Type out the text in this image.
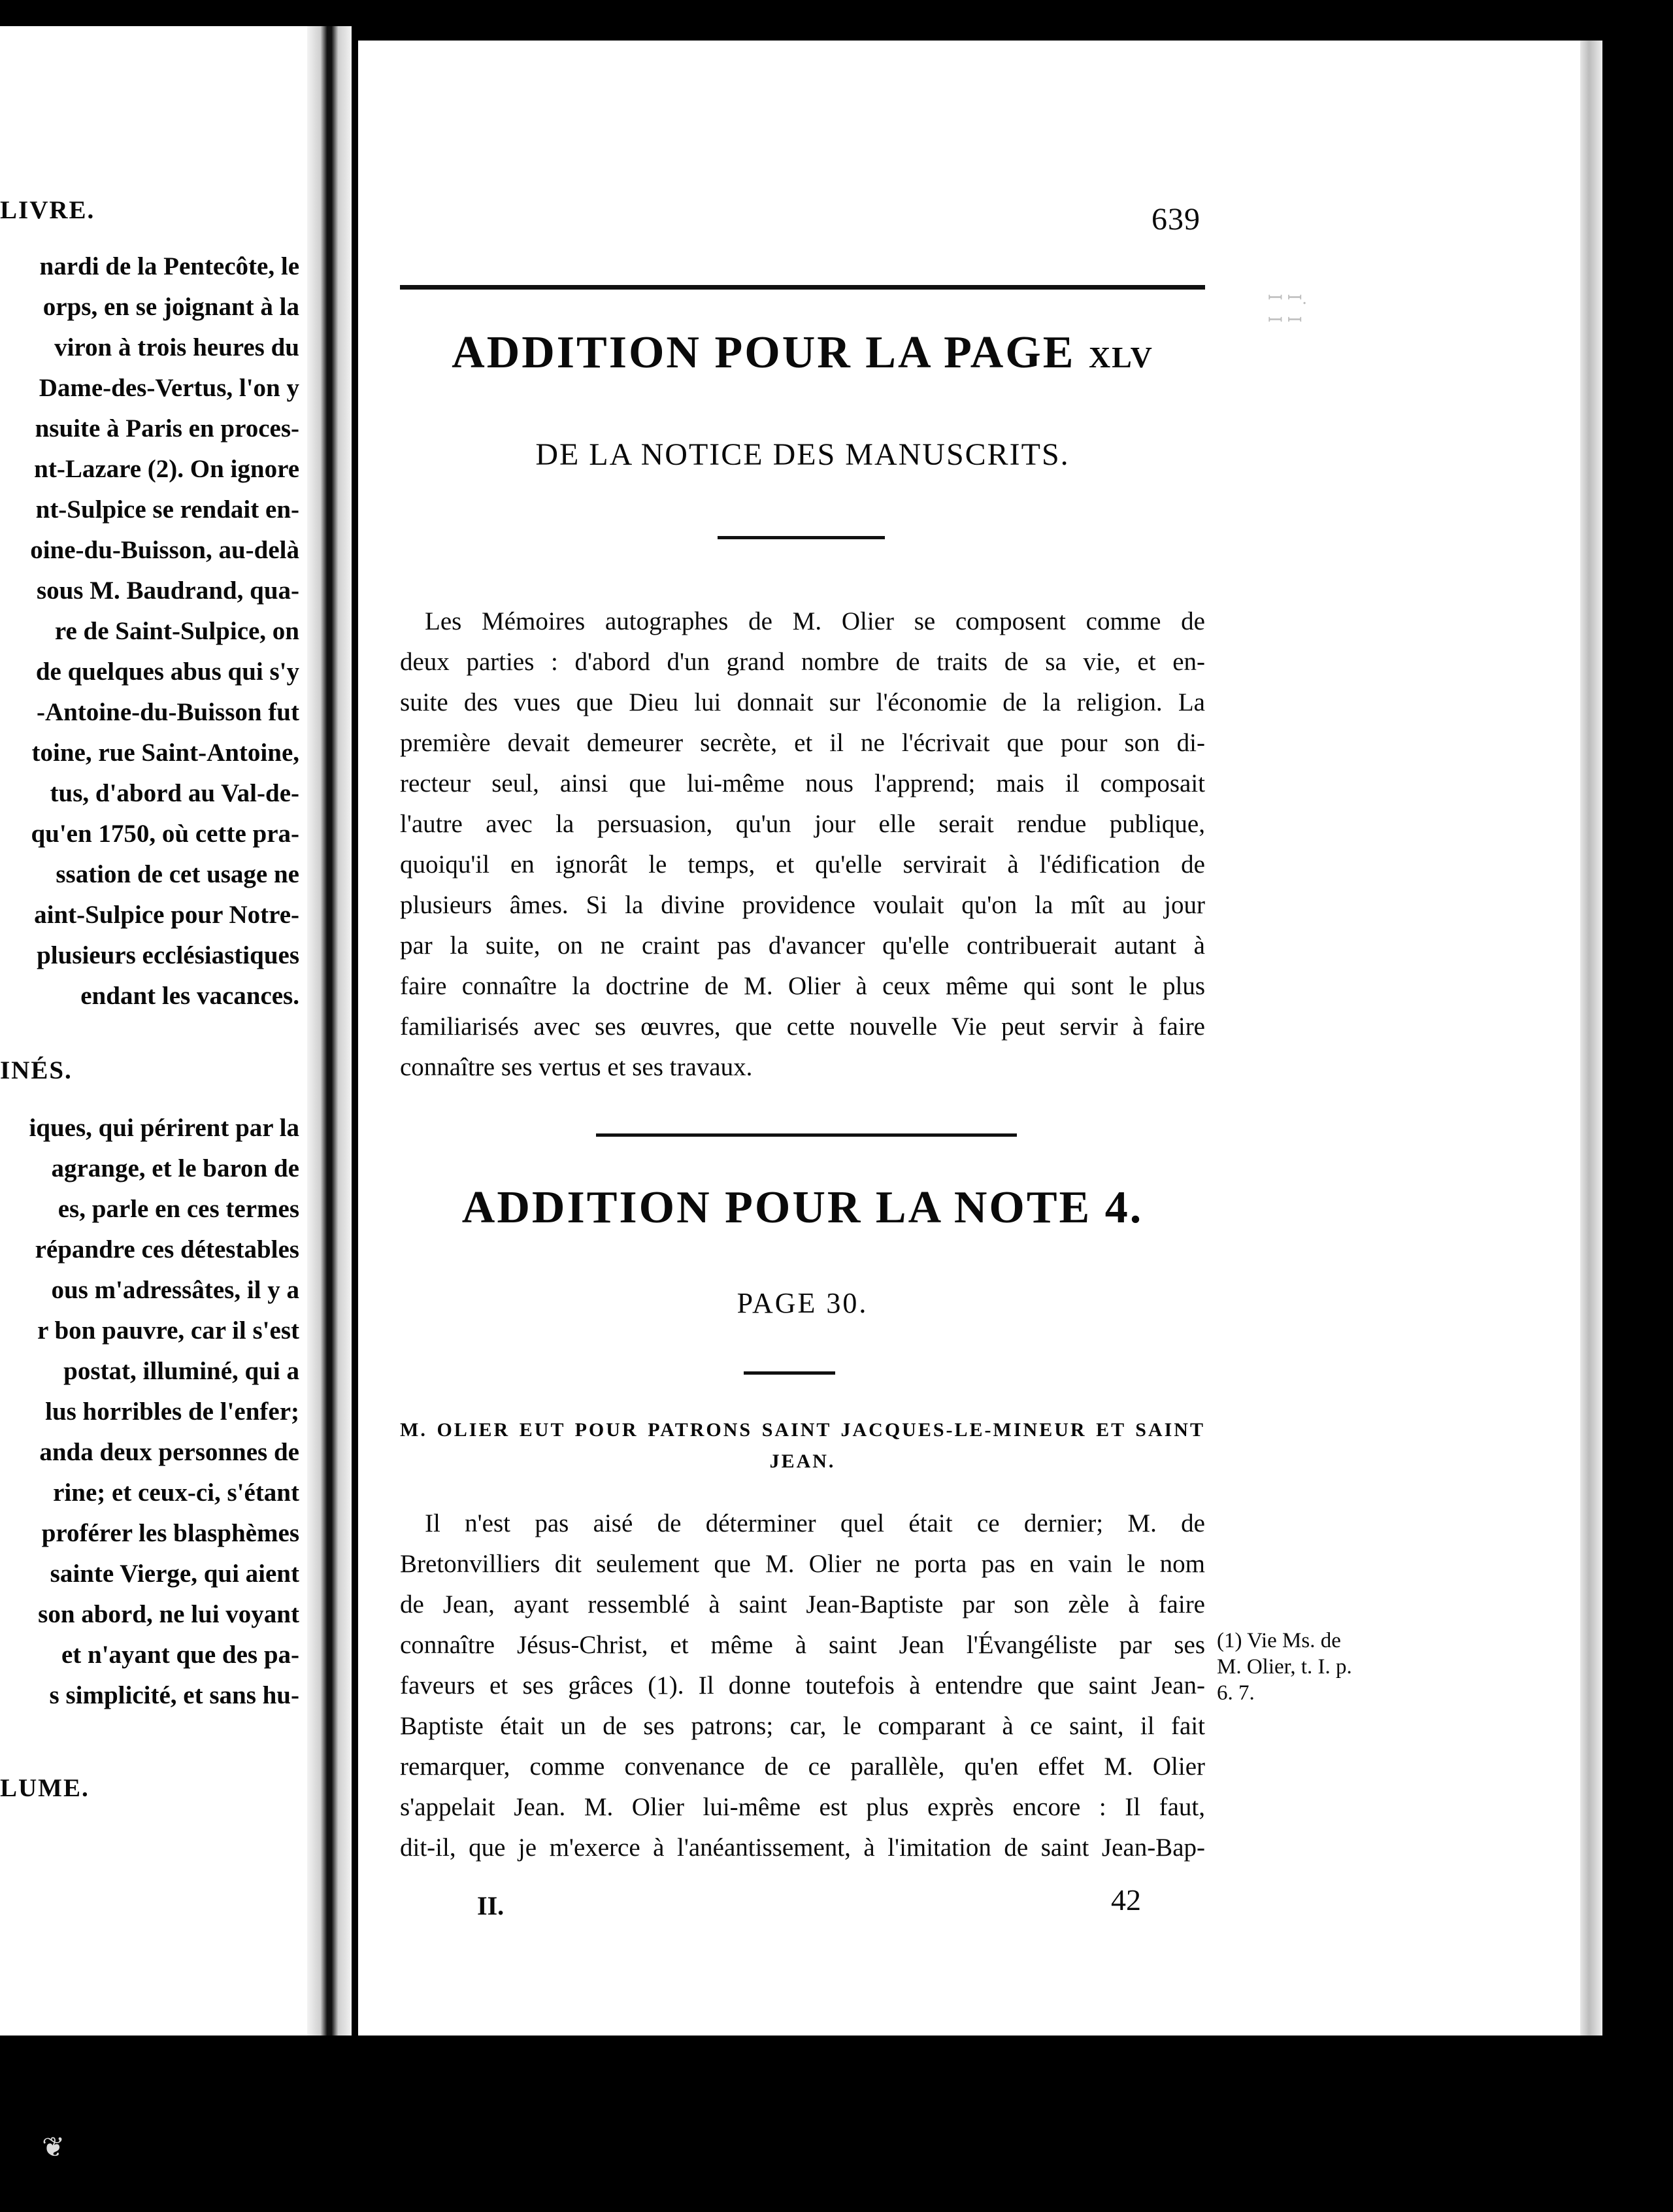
LIVRE.
nardi de la Pentecôte, le
orps, en se joignant à la
viron à trois heures du
Dame-des-Vertus, l'on y
nsuite à Paris en proces-
nt-Lazare (2). On ignore
nt-Sulpice se rendait en-
oine-du-Buisson, au-delà
sous M. Baudrand, qua-
re de Saint-Sulpice, on
de quelques abus qui s'y
-Antoine-du-Buisson fut
toine, rue Saint-Antoine,
tus, d'abord au Val-de-
qu'en 1750, où cette pra-
ssation de cet usage ne
aint-Sulpice pour Notre-
plusieurs ecclésiastiques
endant les vacances.
INÉS.
iques, qui périrent par la
agrange, et le baron de
es, parle en ces termes
répandre ces détestables
ous m'adressâtes, il y a
r bon pauvre, car il s'est
postat, illuminé, qui a
lus horribles de l'enfer;
anda deux personnes de
rine; et ceux-ci, s'étant
proférer les blasphèmes
sainte Vierge, qui aient
son abord, ne lui voyant
et n'ayant que des pa-
s simplicité, et sans hu-
LUME.
ꟷ ꟷ.
ꟷ ꟷ
639
ADDITION POUR LA PAGE XLV
DE LA NOTICE DES MANUSCRITS.
Les Mémoires autographes de M. Olier se composent comme de
deux parties : d'abord d'un grand nombre de traits de sa vie, et en-
suite des vues que Dieu lui donnait sur l'économie de la religion. La
première devait demeurer secrète, et il ne l'écrivait que pour son di-
recteur seul, ainsi que lui-même nous l'apprend; mais il composait
l'autre avec la persuasion, qu'un jour elle serait rendue publique,
quoiqu'il en ignorât le temps, et qu'elle servirait à l'édification de
plusieurs âmes. Si la divine providence voulait qu'on la mît au jour
par la suite, on ne craint pas d'avancer qu'elle contribuerait autant à
faire connaître la doctrine de M. Olier à ceux même qui sont le plus
familiarisés avec ses œuvres, que cette nouvelle Vie peut servir à faire
connaître ses vertus et ses travaux.
ADDITION POUR LA NOTE 4.
PAGE 30.
M. OLIER EUT POUR PATRONS SAINT JACQUES-LE-MINEUR ET SAINT
JEAN.
Il n'est pas aisé de déterminer quel était ce dernier; M. de
Bretonvilliers dit seulement que M. Olier ne porta pas en vain le nom
de Jean, ayant ressemblé à saint Jean-Baptiste par son zèle à faire
connaître Jésus-Christ, et même à saint Jean l'Évangéliste par ses
faveurs et ses grâces (1). Il donne toutefois à entendre que saint Jean-
Baptiste était un de ses patrons; car, le comparant à ce saint, il fait
remarquer, comme convenance de ce parallèle, qu'en effet M. Olier
s'appelait Jean. M. Olier lui-même est plus exprès encore : Il faut,
dit-il, que je m'exerce à l'anéantissement, à l'imitation de saint Jean-Bap-
(1) Vie Ms. de
M. Olier, t. I. p.
6. 7.
II.	42
❦
